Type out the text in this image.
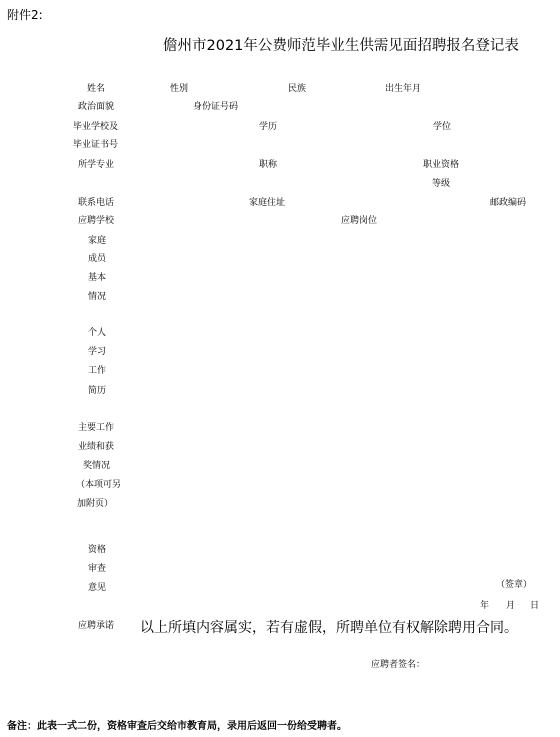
附件2:
儋州市2021年公费师范毕业生供需见面招聘报名登记表
姓名	性别	民族	出生年月
政治面貌	身份证号码
毕业学校及
毕业证书号
学历	学位
所学专业	职称	职业资格
等级
联系电话	家庭住址	邮政编码
应聘学校	应聘岗位
家庭
成员
基本
情况
个人
学习
工作
简历
主要工作
业绩和获
奖情况
（本项可另
加附页）
资格
审查
意见	（签章）
年 月 日
应聘承诺 以上所填内容属实，若有虚假，所聘单位有权解除聘用合同。
应聘者签名：
备注：此表一式二份，资格审查后交给市教育局，录用后返回一份给受聘者。
